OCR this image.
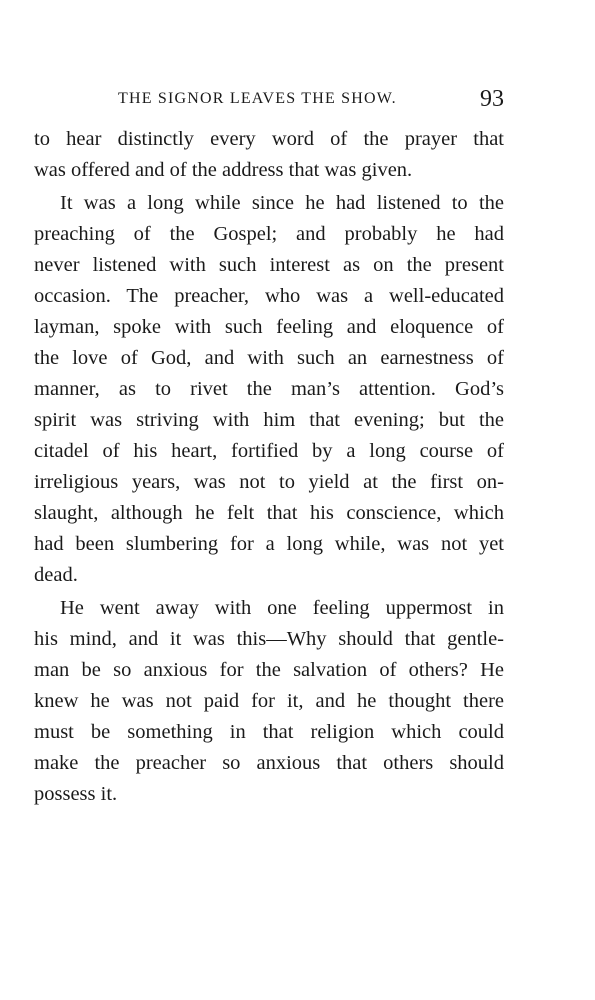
THE SIGNOR LEAVES THE SHOW.	93
to hear distinctly every word of the prayer that
was offered and of the address that was given.
It was a long while since he had listened to the
preaching of the Gospel; and probably he had
never listened with such interest as on the present
occasion. The preacher, who was a well-educated
layman, spoke with such feeling and eloquence of
the love of God, and with such an earnestness of
manner, as to rivet the man’s attention. God’s
spirit was striving with him that evening; but the
citadel of his heart, fortified by a long course of
irreligious years, was not to yield at the first on-
slaught, although he felt that his conscience, which
had been slumbering for a long while, was not yet
dead.
He went away with one feeling uppermost in
his mind, and it was this—Why should that gentle-
man be so anxious for the salvation of others? He
knew he was not paid for it, and he thought there
must be something in that religion which could
make the preacher so anxious that others should
possess it.
